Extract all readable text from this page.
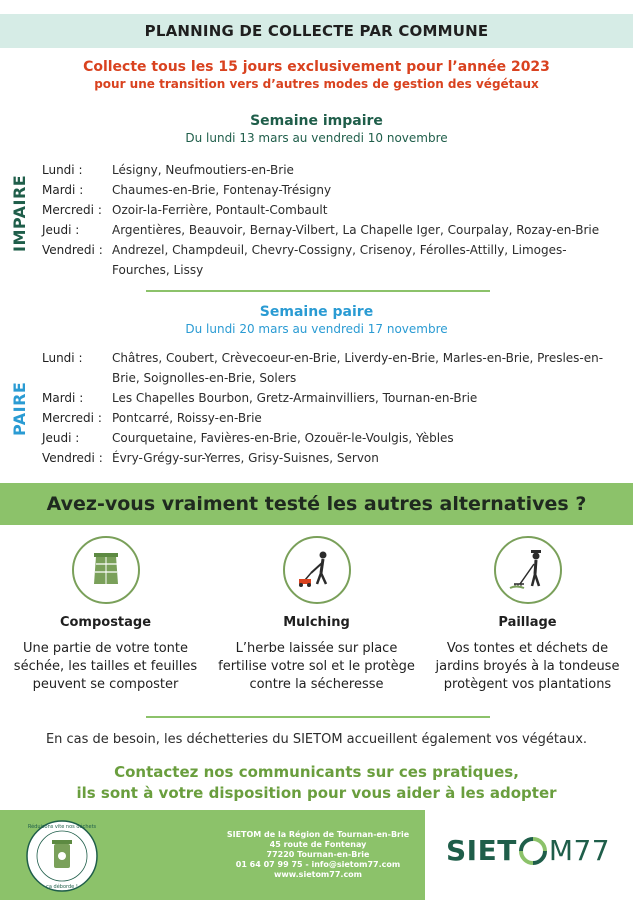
PLANNING DE COLLECTE PAR COMMUNE
Collecte tous les 15 jours exclusivement pour l’année 2023
pour une transition vers d’autres modes de gestion des végétaux
Semaine impaire
Du lundi 13 mars au vendredi 10 novembre
IMPAIRE
Lundi :	Lésigny, Neufmoutiers-en-Brie
Mardi :	Chaumes-en-Brie, Fontenay-Trésigny
Mercredi : Ozoir-la-Ferrière, Pontault-Combault
Jeudi :	Argentières, Beauvoir, Bernay-Vilbert, La Chapelle Iger, Courpalay, Rozay-en-Brie
Vendredi : Andrezel, Champdeuil, Chevry-Cossigny, Crisenoy, Férolles-Attilly, Limoges-Fourches, Lissy
Semaine paire
Du lundi 20 mars au vendredi 17 novembre
PAIRE
Lundi :	Châtres, Coubert, Crèvecoeur-en-Brie, Liverdy-en-Brie, Marles-en-Brie, Presles-en-Brie, Soignolles-en-Brie, Solers
Mardi :	Les Chapelles Bourbon, Gretz-Armainvilliers, Tournan-en-Brie
Mercredi : Pontcarré, Roissy-en-Brie
Jeudi :	Courquetaine, Favières-en-Brie, Ozouër-le-Voulgis, Yèbles
Vendredi : Évry-Grégy-sur-Yerres, Grisy-Suisnes, Servon
Avez-vous vraiment testé les autres alternatives ?
Compostage
Une partie de votre tonte séchée, les tailles et feuilles peuvent se composter
Mulching
L’herbe laissée sur place fertilise votre sol et le protège contre la sécheresse
Paillage
Vos tontes et déchets de jardins broyés à la tondeuse protègent vos plantations
En cas de besoin, les déchetteries du SIETOM accueillent également vos végétaux.
Contactez nos communicants sur ces pratiques,
ils sont à votre disposition pour vous aider à les adopter
Réduisons vite nos déchets
ça déborde !
SIETOM de la Région de Tournan-en-Brie
45 route de Fontenay
77220 Tournan-en-Brie
01 64 07 99 75 - info@sietom77.com
www.sietom77.com
SIET M77
